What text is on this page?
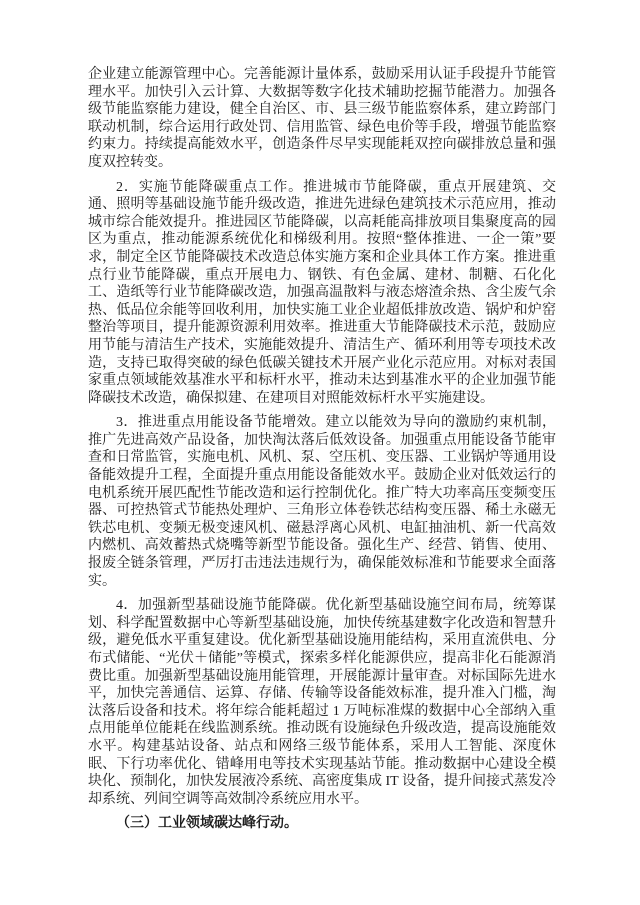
企业建立能源管理中心。完善能源计量体系，鼓励采用认证手段提升节能管理水平。加快引入云计算、大数据等数字化技术辅助挖掘节能潜力。加强各级节能监察能力建设，健全自治区、市、县三级节能监察体系，建立跨部门联动机制，综合运用行政处罚、信用监管、绿色电价等手段，增强节能监察约束力。持续提高能效水平，创造条件尽早实现能耗双控向碳排放总量和强度双控转变。

2．实施节能降碳重点工作。推进城市节能降碳，重点开展建筑、交通、照明等基础设施节能升级改造，推进先进绿色建筑技术示范应用，推动城市综合能效提升。推进园区节能降碳，以高耗能高排放项目集聚度高的园区为重点，推动能源系统优化和梯级利用。按照“整体推进、一企一策”要求，制定全区节能降碳技术改造总体实施方案和企业具体工作方案。推进重点行业节能降碳，重点开展电力、钢铁、有色金属、建材、制糖、石化化工、造纸等行业节能降碳改造，加强高温散料与液态熔渣余热、含尘废气余热、低品位余能等回收利用，加快实施工业企业超低排放改造、锅炉和炉窑整治等项目，提升能源资源利用效率。推进重大节能降碳技术示范，鼓励应用节能与清洁生产技术，实施能效提升、清洁生产、循环利用等专项技术改造，支持已取得突破的绿色低碳关键技术开展产业化示范应用。对标对表国家重点领域能效基准水平和标杆水平，推动未达到基准水平的企业加强节能降碳技术改造，确保拟建、在建项目对照能效标杆水平实施建设。

3．推进重点用能设备节能增效。建立以能效为导向的激励约束机制，推广先进高效产品设备，加快淘汰落后低效设备。加强重点用能设备节能审查和日常监管，实施电机、风机、泵、空压机、变压器、工业锅炉等通用设备能效提升工程，全面提升重点用能设备能效水平。鼓励企业对低效运行的电机系统开展匹配性节能改造和运行控制优化。推广特大功率高压变频变压器、可控热管式节能热处理炉、三角形立体卷铁芯结构变压器、稀土永磁无铁芯电机、变频无极变速风机、磁悬浮离心风机、电缸抽油机、新一代高效内燃机、高效蓄热式烧嘴等新型节能设备。强化生产、经营、销售、使用、报废全链条管理，严厉打击违法违规行为，确保能效标准和节能要求全面落实。

4．加强新型基础设施节能降碳。优化新型基础设施空间布局，统筹谋划、科学配置数据中心等新型基础设施，加快传统基建数字化改造和智慧升级，避免低水平重复建设。优化新型基础设施用能结构，采用直流供电、分布式储能、“光伏＋储能”等模式，探索多样化能源供应，提高非化石能源消费比重。加强新型基础设施用能管理，开展能源计量审查。对标国际先进水平，加快完善通信、运算、存储、传输等设备能效标准，提升准入门槛，淘汰落后设备和技术。将年综合能耗超过 1 万吨标准煤的数据中心全部纳入重点用能单位能耗在线监测系统。推动既有设施绿色升级改造，提高设施能效水平。构建基站设备、站点和网络三级节能体系，采用人工智能、深度休眠、下行功率优化、错峰用电等技术实现基站节能。推动数据中心建设全模块化、预制化，加快发展液冷系统、高密度集成 IT 设备，提升间接式蒸发冷却系统、列间空调等高效制冷系统应用水平。

（三）工业领域碳达峰行动。
